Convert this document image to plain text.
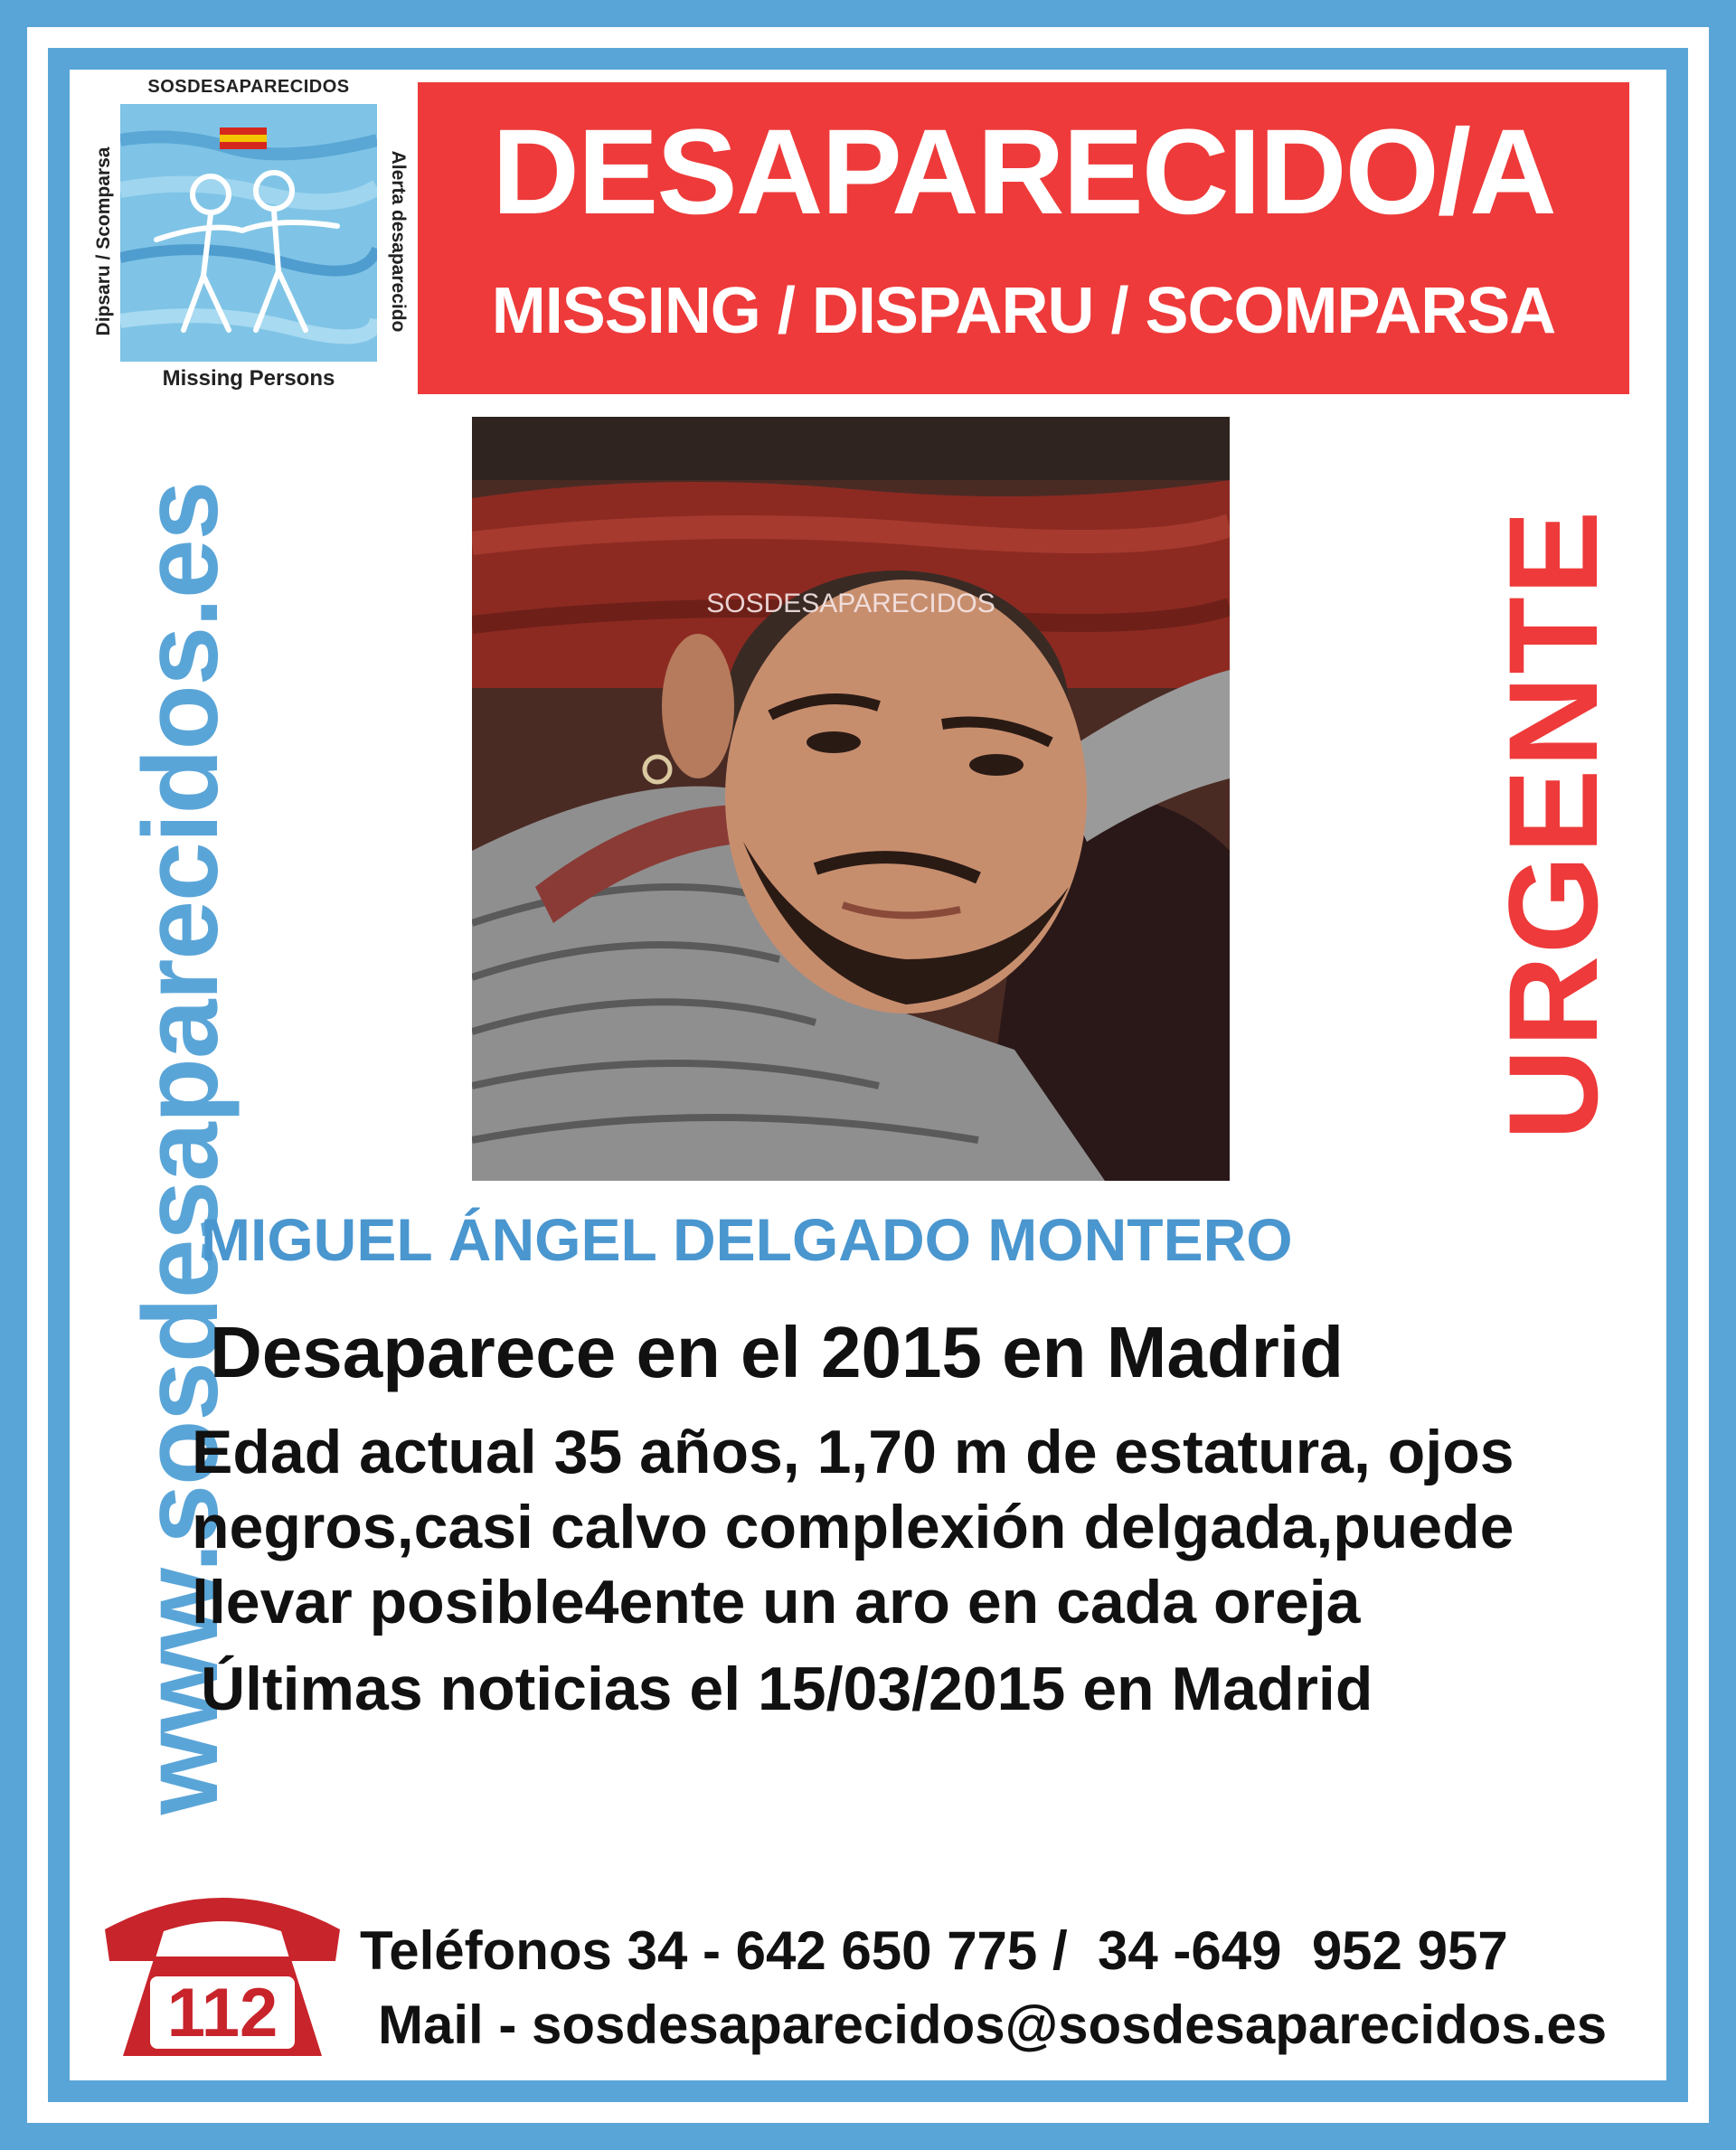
SOSDESAPARECIDOS
Dipsaru / Scomparsa	Alerta desaparecido
Missing Persons
DESAPARECIDO/A
MISSING / DISPARU / SCOMPARSA
SOSDESAPARECIDOS
www.sosdesaparecidos.es	URGENTE
MIGUEL ÁNGEL DELGADO MONTERO
Desaparece en el 2015 en Madrid
Edad actual 35 años, 1,70 m de estatura, ojos
negros,casi calvo complexión delgada,puede
llevar posible4ente un aro en cada oreja
Últimas noticias el 15/03/2015 en Madrid
112
Teléfonos 34 - 642 650 775 /  34 -649  952 957
Mail - sosdesaparecidos@sosdesaparecidos.es
